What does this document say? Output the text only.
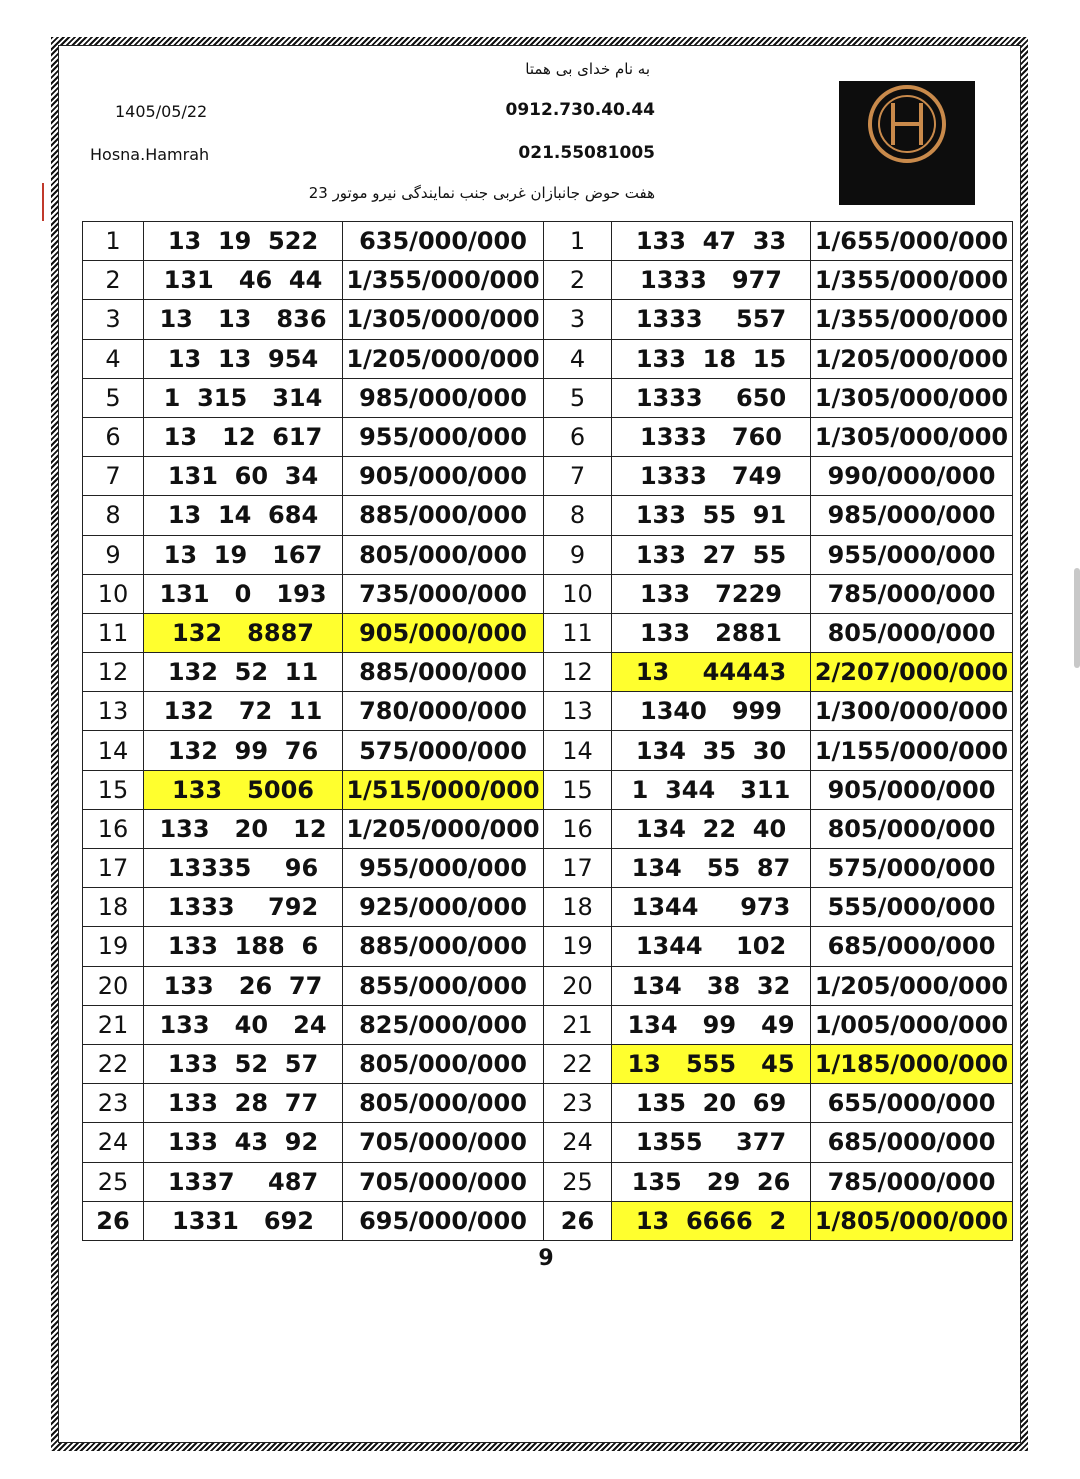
به نام خدای بی همتا
0912.730.40.44
021.55081005
1405/05/22
Hosna.Hamrah
هفت حوض جانبازان غربی جنب نمایندگی نیرو موتور 23
1	13  19  522	635/000/000	1	133  47  33	1/655/000/000
2	131   46  44	1/355/000/000	2	1333   977	1/355/000/000
3	13   13   836	1/305/000/000	3	1333    557	1/355/000/000
4	13  13  954	1/205/000/000	4	133  18  15	1/205/000/000
5	1  315   314	985/000/000	5	1333    650	1/305/000/000
6	13   12  617	955/000/000	6	1333   760	1/305/000/000
7	131  60  34	905/000/000	7	1333   749	990/000/000
8	13  14  684	885/000/000	8	133  55  91	985/000/000
9	13  19   167	805/000/000	9	133  27  55	955/000/000
10	131   0   193	735/000/000	10	133   7229	785/000/000
11	132   8887	905/000/000	11	133   2881	805/000/000
12	132  52  11	885/000/000	12	13    44443	2/207/000/000
13	132   72  11	780/000/000	13	1340   999	1/300/000/000
14	132  99  76	575/000/000	14	134  35  30	1/155/000/000
15	133   5006	1/515/000/000	15	1  344   311	905/000/000
16	133   20   12	1/205/000/000	16	134  22  40	805/000/000
17	13335    96	955/000/000	17	134   55  87	575/000/000
18	1333    792	925/000/000	18	1344     973	555/000/000
19	133  188  6	885/000/000	19	1344    102	685/000/000
20	133   26  77	855/000/000	20	134   38  32	1/205/000/000
21	133   40   24	825/000/000	21	134   99   49	1/005/000/000
22	133  52  57	805/000/000	22	13   555   45	1/185/000/000
23	133  28  77	805/000/000	23	135  20  69	655/000/000
24	133  43  92	705/000/000	24	1355    377	685/000/000
25	1337    487	705/000/000	25	135   29  26	785/000/000
26	1331   692	695/000/000	26	13  6666  2	1/805/000/000
9
